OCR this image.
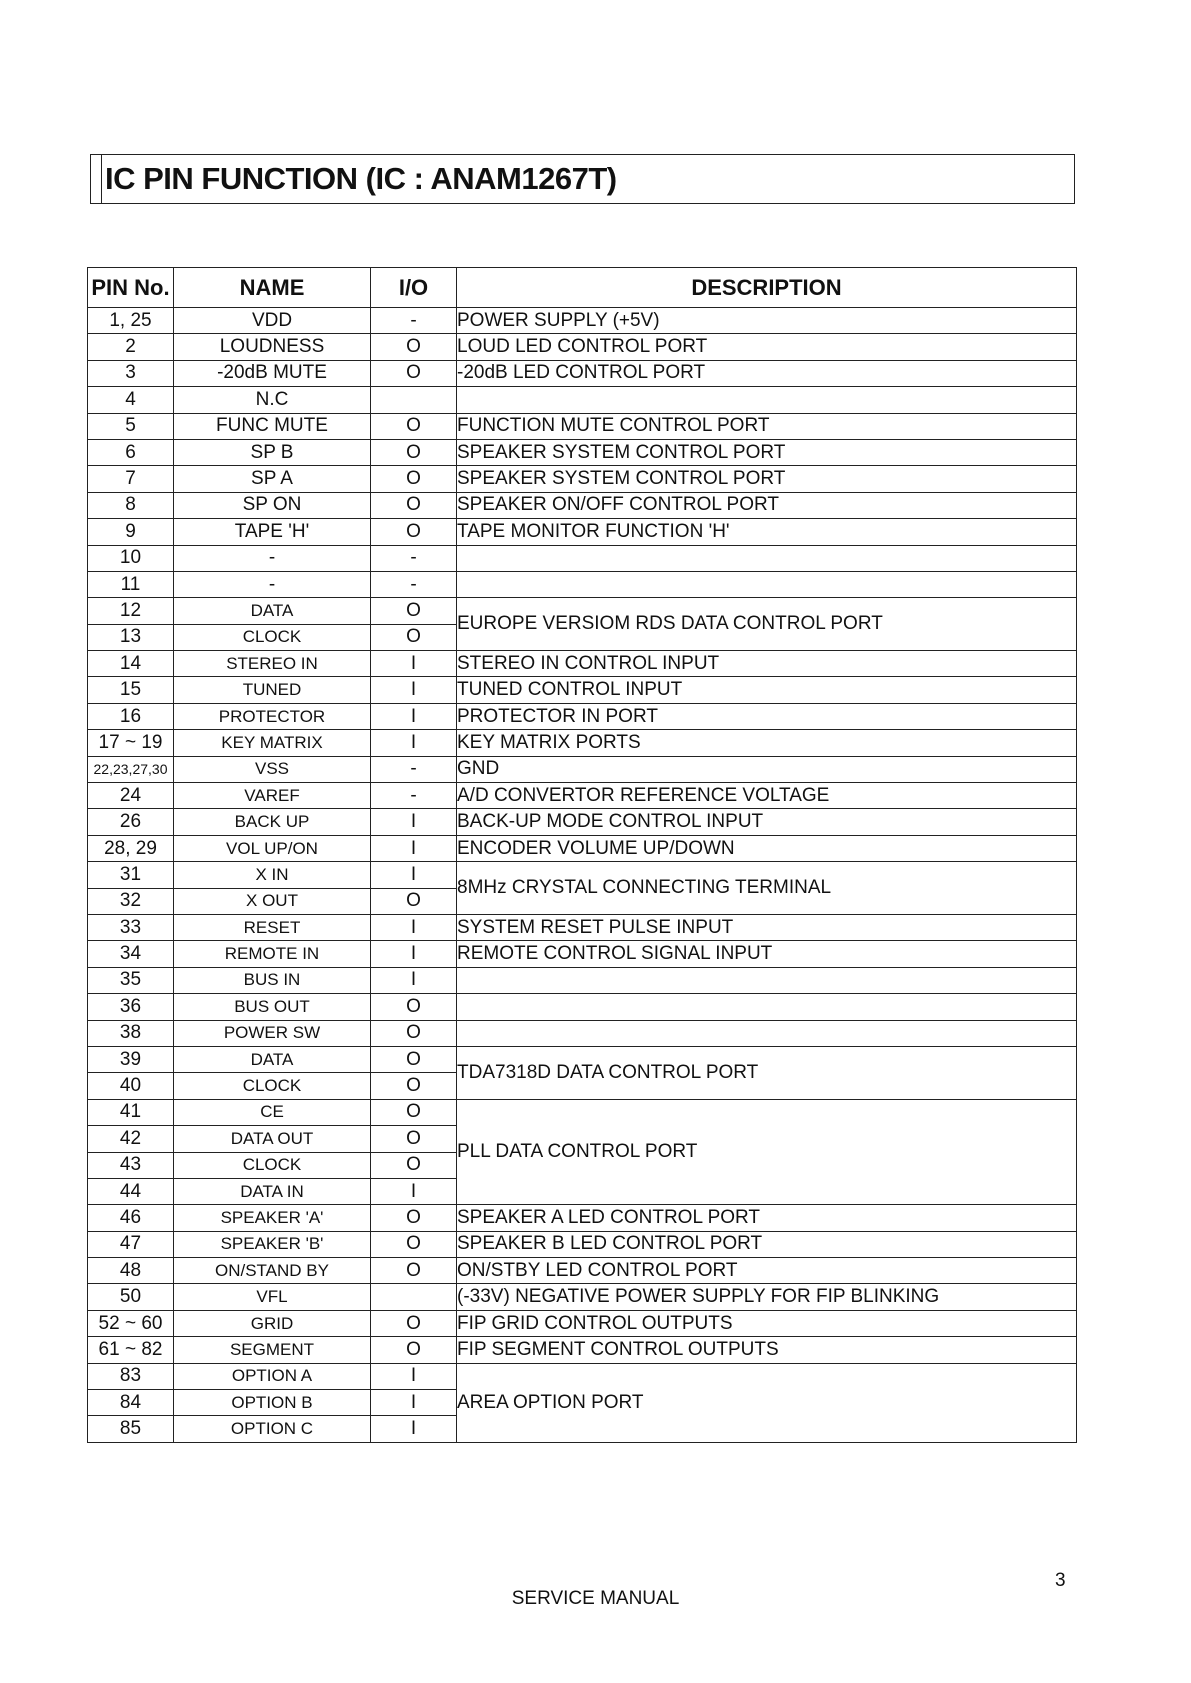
IC PIN FUNCTION (IC : ANAM1267T)
PIN No.	NAME	I/O	DESCRIPTION
1, 25	VDD	-	POWER SUPPLY (+5V)
2	LOUDNESS	O	LOUD LED CONTROL PORT
3	-20dB MUTE	O	-20dB LED CONTROL PORT
4	N.C		
5	FUNC MUTE	O	FUNCTION MUTE CONTROL PORT
6	SP B	O	SPEAKER SYSTEM CONTROL PORT
7	SP A	O	SPEAKER SYSTEM CONTROL PORT
8	SP ON	O	SPEAKER ON/OFF CONTROL PORT
9	TAPE 'H'	O	TAPE MONITOR FUNCTION 'H'
10	-	-	
11	-	-	
12	DATA	O	EUROPE VERSIOM RDS DATA CONTROL PORT
13	CLOCK	O	
14	STEREO IN	I	STEREO IN CONTROL INPUT
15	TUNED	I	TUNED CONTROL INPUT
16	PROTECTOR	I	PROTECTOR IN PORT
17 ~ 19	KEY MATRIX	I	KEY MATRIX PORTS
22,23,27,30	VSS	-	GND
24	VAREF	-	A/D CONVERTOR REFERENCE VOLTAGE
26	BACK UP	I	BACK-UP MODE CONTROL INPUT
28, 29	VOL UP/ON	I	ENCODER VOLUME UP/DOWN
31	X IN	I	8MHz CRYSTAL CONNECTING TERMINAL
32	X OUT	O	
33	RESET	I	SYSTEM RESET PULSE INPUT
34	REMOTE IN	I	REMOTE CONTROL SIGNAL INPUT
35	BUS IN	I	
36	BUS OUT	O	
38	POWER SW	O	
39	DATA	O	TDA7318D DATA CONTROL PORT
40	CLOCK	O	
41	CE	O	PLL DATA CONTROL PORT
42	DATA OUT	O	
43	CLOCK	O	
44	DATA IN	I	
46	SPEAKER 'A'	O	SPEAKER A LED CONTROL PORT
47	SPEAKER 'B'	O	SPEAKER B LED CONTROL PORT
48	ON/STAND BY	O	ON/STBY LED CONTROL PORT
50	VFL		(-33V) NEGATIVE POWER SUPPLY FOR FIP BLINKING
52 ~ 60	GRID	O	FIP GRID CONTROL OUTPUTS
61 ~ 82	SEGMENT	O	FIP SEGMENT CONTROL OUTPUTS
83	OPTION A	I	AREA OPTION PORT
84	OPTION B	I	
85	OPTION C	I	
3
SERVICE MANUAL
